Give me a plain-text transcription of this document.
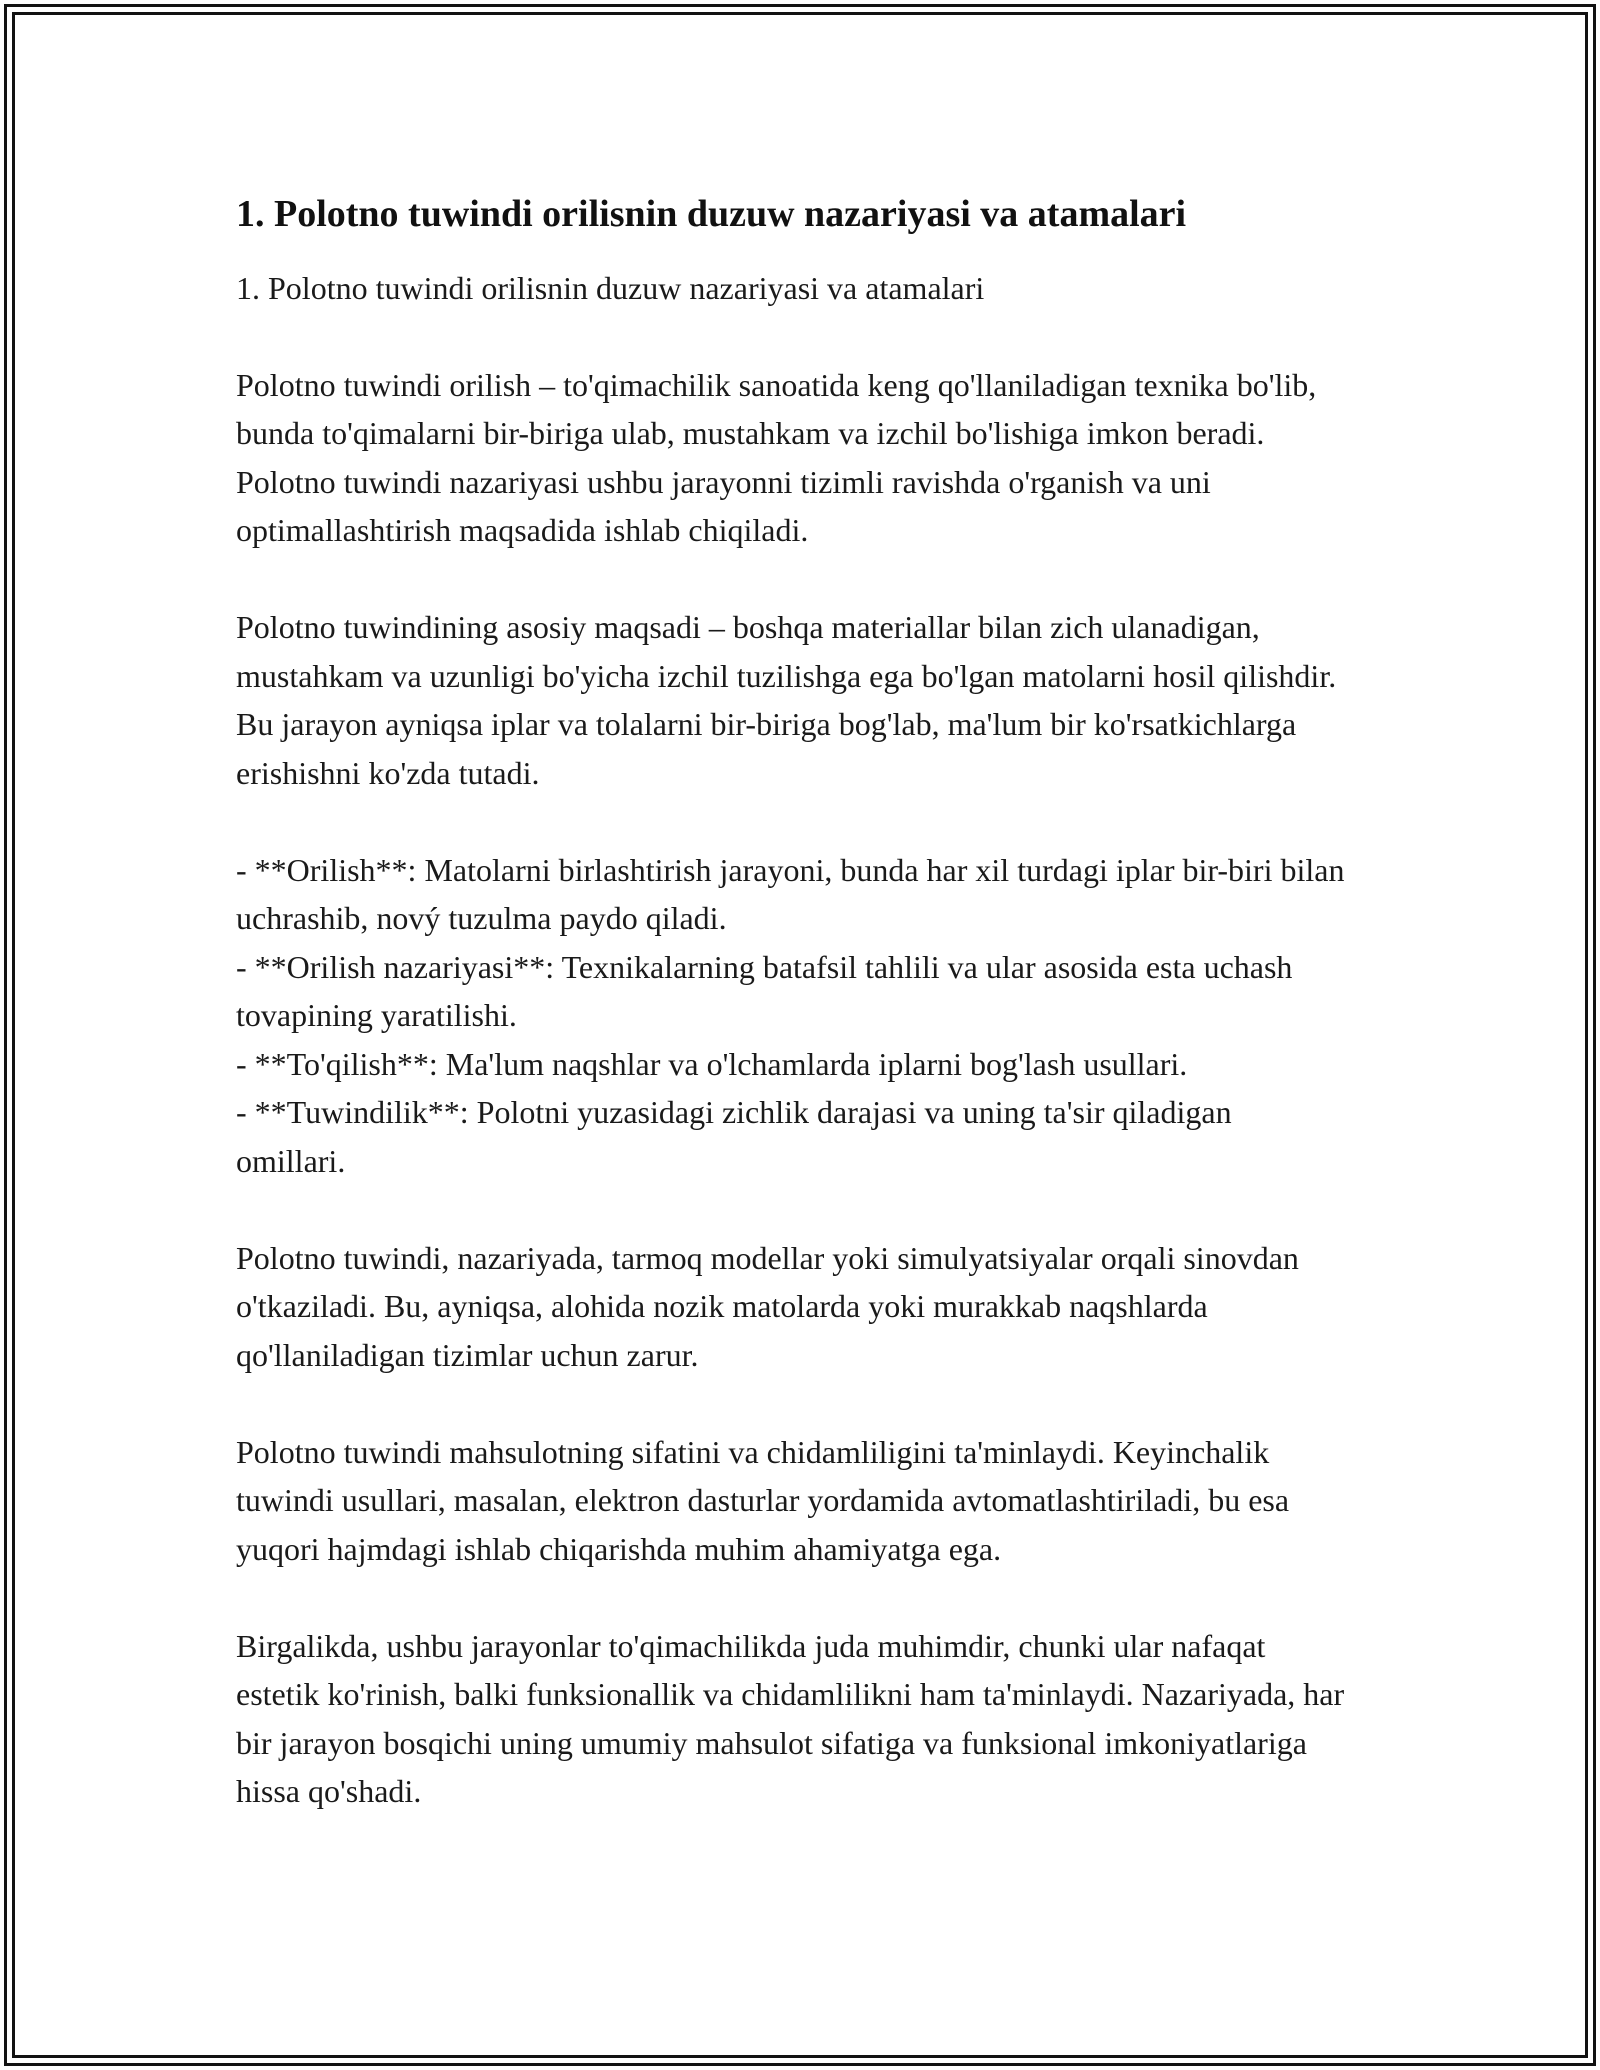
1. Polotno tuwindi orilisnin duzuw nazariyasi va atamalari

1. Polotno tuwindi orilisnin duzuw nazariyasi va atamalari

Polotno tuwindi orilish – to'qimachilik sanoatida keng qo'llaniladigan texnika bo'lib, bunda to'qimalarni bir-biriga ulab, mustahkam va izchil bo'lishiga imkon beradi. Polotno tuwindi nazariyasi ushbu jarayonni tizimli ravishda o'rganish va uni optimallashtirish maqsadida ishlab chiqiladi.

Polotno tuwindining asosiy maqsadi – boshqa materiallar bilan zich ulanadigan, mustahkam va uzunligi bo'yicha izchil tuzilishga ega bo'lgan matolarni hosil qilishdir. Bu jarayon ayniqsa iplar va tolalarni bir-biriga bog'lab, ma'lum bir ko'rsatkichlarga erishishni ko'zda tutadi.

- **Orilish**: Matolarni birlashtirish jarayoni, bunda har xil turdagi iplar bir-biri bilan uchrashib, nový tuzulma paydo qiladi.
- **Orilish nazariyasi**: Texnikalarning batafsil tahlili va ular asosida esta uchash tovapining yaratilishi.
- **To'qilish**: Ma'lum naqshlar va o'lchamlarda iplarni bog'lash usullari.
- **Tuwindilik**: Polotni yuzasidagi zichlik darajasi va uning ta'sir qiladigan omillari.

Polotno tuwindi, nazariyada, tarmoq modellar yoki simulyatsiyalar orqali sinovdan o'tkaziladi. Bu, ayniqsa, alohida nozik matolarda yoki murakkab naqshlarda qo'llaniladigan tizimlar uchun zarur.

Polotno tuwindi mahsulotning sifatini va chidamliligini ta'minlaydi. Keyinchalik tuwindi usullari, masalan, elektron dasturlar yordamida avtomatlashtiriladi, bu esa yuqori hajmdagi ishlab chiqarishda muhim ahamiyatga ega.

Birgalikda, ushbu jarayonlar to'qimachilikda juda muhimdir, chunki ular nafaqat estetik ko'rinish, balki funksionallik va chidamlilikni ham ta'minlaydi. Nazariyada, har bir jarayon bosqichi uning umumiy mahsulot sifatiga va funksional imkoniyatlariga hissa qo'shadi.
